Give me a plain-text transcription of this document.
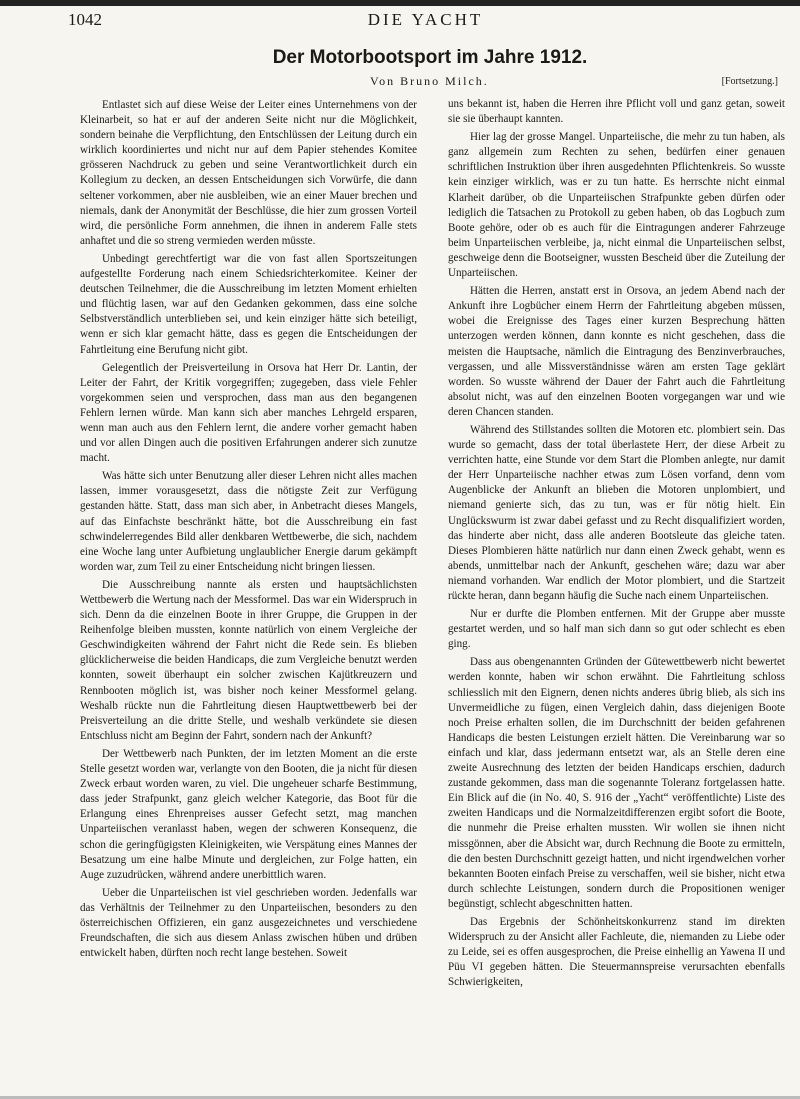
1042	DIE YACHT
Der Motorbootsport im Jahre 1912.
Von Bruno Milch.	[Fortsetzung.]

Entlastet sich auf diese Weise der Leiter eines Unternehmens von der Kleinarbeit, so hat er auf der anderen Seite nicht nur die Möglichkeit, sondern beinahe die Verpflichtung, den Entschlüssen der Leitung durch ein wirklich koordiniertes und nicht nur auf dem Papier stehendes Komitee grösseren Nachdruck zu geben und seine Verantwortlichkeit durch ein Kollegium zu decken, an dessen Entscheidungen sich Vorwürfe, die dann seltener vorkommen, aber nie ausbleiben, wie an einer Mauer brechen und niemals, dank der Anonymität der Beschlüsse, die hier zum grossen Vorteil wird, die persönliche Form annehmen, die ihnen in anderem Falle stets anhaftet und die so streng vermieden werden müsste.

Unbedingt gerechtfertigt war die von fast allen Sportszeitungen aufgestellte Forderung nach einem Schiedsrichterkomitee. Keiner der deutschen Teilnehmer, die die Ausschreibung im letzten Moment erhielten und flüchtig lasen, war auf den Gedanken gekommen, dass eine solche Selbstverständlich unterblieben sei, und kein einziger hätte sich beteiligt, wenn er sich klar gemacht hätte, dass es gegen die Entscheidungen der Fahrtleitung eine Berufung nicht gibt.

Gelegentlich der Preisverteilung in Orsova hat Herr Dr. Lantin, der Leiter der Fahrt, der Kritik vorgegriffen; zugegeben, dass viele Fehler vorgekommen seien und versprochen, dass man aus den begangenen Fehlern lernen würde. Man kann sich aber manches Lehrgeld ersparen, wenn man auch aus den Fehlern lernt, die andere vorher gemacht haben und vor allen Dingen auch die positiven Erfahrungen anderer sich zunutze macht.

Was hätte sich unter Benutzung aller dieser Lehren nicht alles machen lassen, immer vorausgesetzt, dass die nötigste Zeit zur Verfügung gestanden hätte. Statt, dass man sich aber, in Anbetracht dieses Mangels, auf das Einfachste beschränkt hätte, bot die Ausschreibung ein fast schwindelerregendes Bild aller denkbaren Wettbewerbe, die sich, nachdem eine Woche lang unter Aufbietung unglaublicher Energie darum gekämpft worden war, zum Teil zu einer Entscheidung nicht bringen liessen.

Die Ausschreibung nannte als ersten und hauptsächlichsten Wettbewerb die Wertung nach der Messformel. Das war ein Widerspruch in sich. Denn da die einzelnen Boote in ihrer Gruppe, die Gruppen in der Reihenfolge bleiben mussten, konnte natürlich von einem Vergleiche der Geschwindigkeiten während der Fahrt nicht die Rede sein. Es blieben glücklicherweise die beiden Handicaps, die zum Vergleiche benutzt werden konnten, soweit überhaupt ein solcher zwischen Kajütkreuzern und Rennbooten möglich ist, was bisher noch keiner Messformel gelang. Weshalb rückte nun die Fahrtleitung diesen Hauptwettbewerb bei der Preisverteilung an die dritte Stelle, und weshalb verkündete sie diesen Entschluss nicht am Beginn der Fahrt, sondern nach der Ankunft?

Der Wettbewerb nach Punkten, der im letzten Moment an die erste Stelle gesetzt worden war, verlangte von den Booten, die ja nicht für diesen Zweck erbaut worden waren, zu viel. Die ungeheuer scharfe Bestimmung, dass jeder Strafpunkt, ganz gleich welcher Kategorie, das Boot für die Erlangung eines Ehrenpreises ausser Gefecht setzt, mag manchen Unparteiischen veranlasst haben, wegen der schweren Konsequenz, die schon die geringfügigsten Kleinigkeiten, wie Verspätung eines Mannes der Besatzung um eine halbe Minute und dergleichen, zur Folge hatten, ein Auge zuzudrücken, während andere unerbittlich waren.

Ueber die Unparteiischen ist viel geschrieben worden. Jedenfalls war das Verhältnis der Teilnehmer zu den Unparteiischen, besonders zu den österreichischen Offizieren, ein ganz ausgezeichnetes und verschiedene Freundschaften, die sich aus diesem Anlass zwischen hüben und drüben entwickelt haben, dürften noch recht lange bestehen. Soweit

uns bekannt ist, haben die Herren ihre Pflicht voll und ganz getan, soweit sie sie überhaupt kannten.

Hier lag der grosse Mangel. Unparteiische, die mehr zu tun haben, als ganz allgemein zum Rechten zu sehen, bedürfen einer genauen schriftlichen Instruktion über ihren ausgedehnten Pflichtenkreis. So wusste kein einziger wirklich, was er zu tun hatte. Es herrschte nicht einmal Klarheit darüber, ob die Unparteiischen Strafpunkte geben dürfen oder lediglich die Tatsachen zu Protokoll zu geben haben, ob das Logbuch zum Boote gehöre, oder ob es auch für die Eintragungen anderer Fahrzeuge beim Unparteiischen verbleibe, ja, nicht einmal die Unparteiischen selbst, geschweige denn die Bootseigner, wussten Bescheid über die Zuteilung der Unparteiischen.

Hätten die Herren, anstatt erst in Orsova, an jedem Abend nach der Ankunft ihre Logbücher einem Herrn der Fahrtleitung abgeben müssen, wobei die Ereignisse des Tages einer kurzen Besprechung hätten unterzogen werden können, dann konnte es nicht geschehen, dass die meisten die Hauptsache, nämlich die Eintragung des Benzinverbrauches, vergassen, und alle Missverständnisse wären am ersten Tage geklärt worden. So wusste während der Dauer der Fahrt auch die Fahrtleitung absolut nicht, was auf den einzelnen Booten vorgegangen war und wie deren Chancen standen.

Während des Stillstandes sollten die Motoren etc. plombiert sein. Das wurde so gemacht, dass der total überlastete Herr, der diese Arbeit zu verrichten hatte, eine Stunde vor dem Start die Plomben anlegte, nur damit der Herr Unparteiische nachher etwas zum Lösen vorfand, denn vom Augenblicke der Ankunft an blieben die Motoren unplombiert, und niemand genierte sich, das zu tun, was er für nötig hielt. Ein Unglückswurm ist zwar dabei gefasst und zu Recht disqualifiziert worden, das hinderte aber nicht, dass alle anderen Bootsleute das gleiche taten. Dieses Plombieren hätte natürlich nur dann einen Zweck gehabt, wenn es abends, unmittelbar nach der Ankunft, geschehen wäre; dazu war aber niemand vorhanden. War endlich der Motor plombiert, und die Startzeit rückte heran, dann begann häufig die Suche nach einem Unparteiischen.

Nur er durfte die Plomben entfernen. Mit der Gruppe aber musste gestartet werden, und so half man sich dann so gut oder schlecht es eben ging.

Dass aus obengenannten Gründen der Gütewettbewerb nicht bewertet werden konnte, haben wir schon erwähnt. Die Fahrtleitung schloss schliesslich mit den Eignern, denen nichts anderes übrig blieb, als sich ins Unvermeidliche zu fügen, einen Vergleich dahin, dass diejenigen Boote noch Preise erhalten sollen, die im Durchschnitt der beiden gefahrenen Handicaps die besten Leistungen erzielt hätten. Die Vereinbarung war so einfach und klar, dass jedermann entsetzt war, als an Stelle deren eine zweite Ausrechnung des letzten der beiden Handicaps erschien, dadurch zustande gekommen, dass man die sogenannte Toleranz fortgelassen hatte. Ein Blick auf die (in No. 40, S. 916 der „Yacht“ veröffentlichte) Liste des zweiten Handicaps und die Normalzeitdifferenzen ergibt sofort die Boote, die nunmehr die Preise erhalten mussten. Wir wollen sie ihnen nicht missgönnen, aber die Absicht war, durch Rechnung die Boote zu ermitteln, die den besten Durchschnitt gezeigt hatten, und nicht irgendwelchen vorher bekannten Booten einfach Preise zu verschaffen, weil sie bisher, nicht etwa durch schlechte Leistungen, sondern durch die Propositionen weniger begünstigt, schlecht abgeschnitten hatten.

Das Ergebnis der Schönheitskonkurrenz stand im direkten Widerspruch zu der Ansicht aller Fachleute, die, niemanden zu Liebe oder zu Leide, sei es offen ausgesprochen, die Preise einhellig an Yawena II und Püu VI gegeben hätten. Die Steuermannspreise verursachten ebenfalls Schwierigkeiten,
